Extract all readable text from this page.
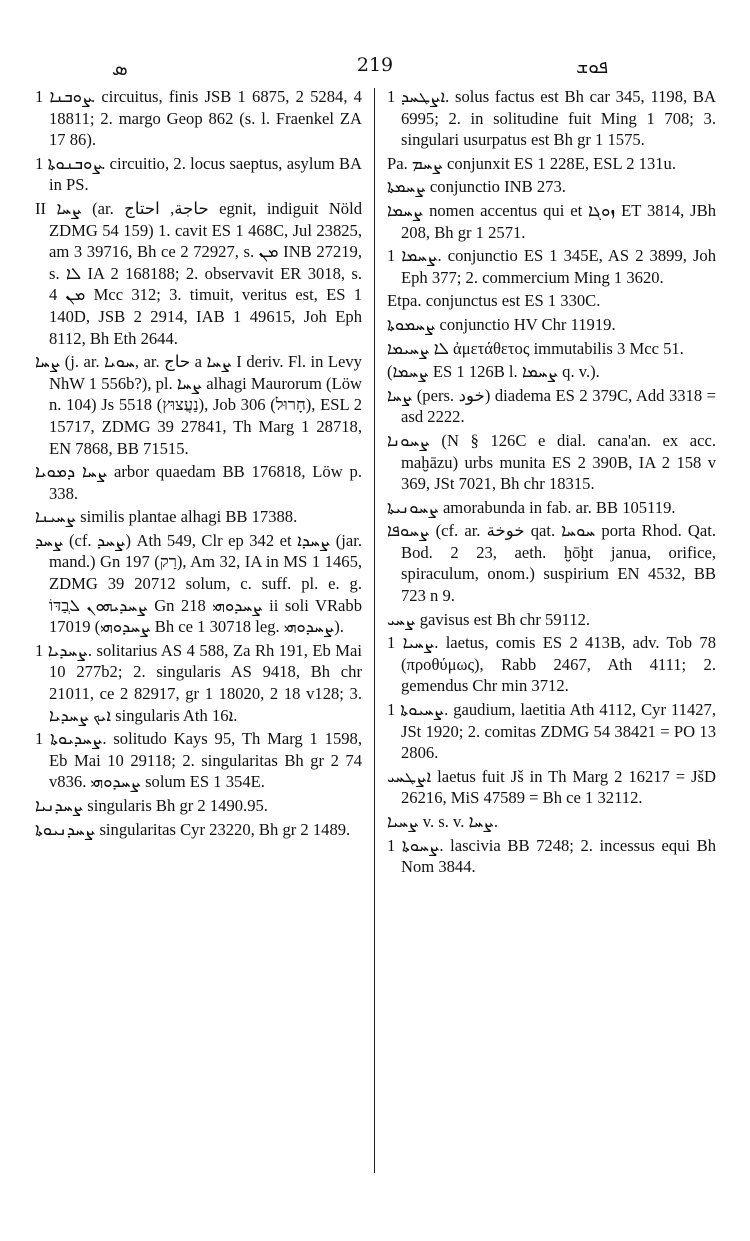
ܣ	219	ܦܘܫ

ܨܘܒܢܐ 1. circuitus, finis JSB 1 6875, 2 5284, 4 18811; 2. margo Geop 862 (s. l. Fraenkel ZA 17 86).

ܨܘܒܢܘܬܐ 1. circuitio, 2. locus saeptus, asylum BA in PS.

II ܨܚܐ (ar. ﺣﺎﺟﺔ, ﺍﺣﺘﺎﺝ egnit, indiguit Nöld ZDMG 54 159) 1. cavit ES 1 468C, Jul 23825, am 3 39716, Bh ce 2 72927, s. ܡܢ INB 27219, s. ܠܐ IA 2 168188; 2. observavit ER 3018, s. ܡܢ 4 Mcc 312; 3. timuit, veritus est, ES 1 140D, JSB 2 2914, IAB 1 49615, Joh Eph 8112, Bh Eth 2644.

ܨܚܐ (j. ar. ܚܘܝܐ, ar. ﺣﺎﺝ a ܨܚܐ I deriv. Fl. in Levy NhW 1 556b?), pl. ܨܚܐ alhagi Maurorum (Löw n. 104) Js 5518 (נַעֲצוּץ), Job 306 (חָרוּל), ESL 2 15717, ZDMG 39 27841, Th Marg 1 28718, EN 7868, BB 71515.

ܨܚܐ ܕܡܘܝܐ arbor quaedam BB 176818, Löw p. 338.

ܨܚܝܢܐ similis plantae alhagi BB 17388.

ܨܚܕ (cf. ܨܚܕ) Ath 549, Clr ep 342 et ܨܚܕܐ (jar. mand.) Gn 197 (רַק), Am 32, IA in MS 1 1465, ZDMG 39 20712 solum, c. suff. pl. e. g. ܨܚܕܝܗܘܢ ܠְבַדּוֹ Gn 218 ܨܚܕܘܗܝ ii soli VRabb 17019 (ܨܚܕܘܗܝ Bh ce 1 30718 leg. ܨܚܕܘܗܝ).

ܨܚܕܝܐ 1. solitarius AS 4 588, Za Rh 191, Eb Mai 10 277b2; 2. singularis AS 9418, Bh chr 21011, ce 2 82917, gr 1 18020, 2 18 v128; 3. ܐܝܟ ܨܚܕܝܐ singularis Ath ܐ16.

ܨܚܕܝܘܬܐ 1. solitudo Kays 95, Th Marg 1 1598, Eb Mai 10 29118; 2. singularitas Bh gr 2 74 v836. ܨܚܕܘܗܝ solum ES 1 354E.

ܨܚܕܢܝܐ singularis Bh gr 2 1490.95.

ܨܚܕܢܝܘܬܐ singularitas Cyr 23220, Bh gr 2 1489.

ܐܨܛܚܕ 1. solus factus est Bh car 345, 1198, BA 6995; 2. in solitudine fuit Ming 1 708; 3. singulari usurpatus est Bh gr 1 1575.

Pa. ܨܚܡ conjunxit ES 1 228E, ESL 2 131u.

ܨܚܡܬܐ conjunctio INB 273.

ܨܚܡܐ nomen accentus qui et ܙܘܓܐ ET 3814, JBh 208, Bh gr 1 2571.

ܨܚܡܐ 1. conjunctio ES 1 345E, AS 2 3899, Joh Eph 377; 2. commercium Ming 1 3620.

Etpa. conjunctus est ES 1 330C.

ܨܚܡܘܬܐ conjunctio HV Chr 11919.

ܠܐ ܨܚܝܡܐ ἀμετάθετος immutabilis 3 Mcc 51.

(ܨܚܡܐ ES 1 126B l. ܨܚܡܐ q. v.).

ܨܚܐ (pers. ﺧﻮﺩ) diadema ES 2 379C, Add 3318 = asd 2222.

ܨܚܘܢܐ (N § 126C e dial. cana'an. ex acc. maḫāzu) urbs munita ES 2 390B, IA 2 158 v 369, JSt 7021, Bh chr 18315.

ܨܚܘܢܝܬܐ amorabunda in fab. ar. BB 105119.

ܨܚܘܦܐ (cf. ar. ﺧﻮﺧﺔ qat. ܚܘܚܐ porta Rhod. Qat. Bod. 2 23, aeth. ḫōḫt janua, orifice, spiraculum, onom.) suspirium EN 4532, BB 723 n 9.

ܨܚܝ gavisus est Bh chr 59112.

ܨܚܝܐ 1. laetus, comis ES 2 413B, adv. Tob 78 (προθύμως), Rabb 2467, Ath 4111; 2. gemendus Chr min 3712.

ܨܚܝܘܬܐ 1. gaudium, laetitia Ath 4112, Cyr 11427, JSt 1920; 2. comitas ZDMG 54 38421 = PO 13 2806.

ܐܨܛܚܝ laetus fuit Jš in Th Marg 2 16217 = JšD 26216, MiS 47589 = Bh ce 1 32112.

ܨܚܝܐ v. s. v. ܨܚܐ.

ܨܚܘܬܐ 1. lascivia BB 7248; 2. incessus equi Bh Nom 3844.
